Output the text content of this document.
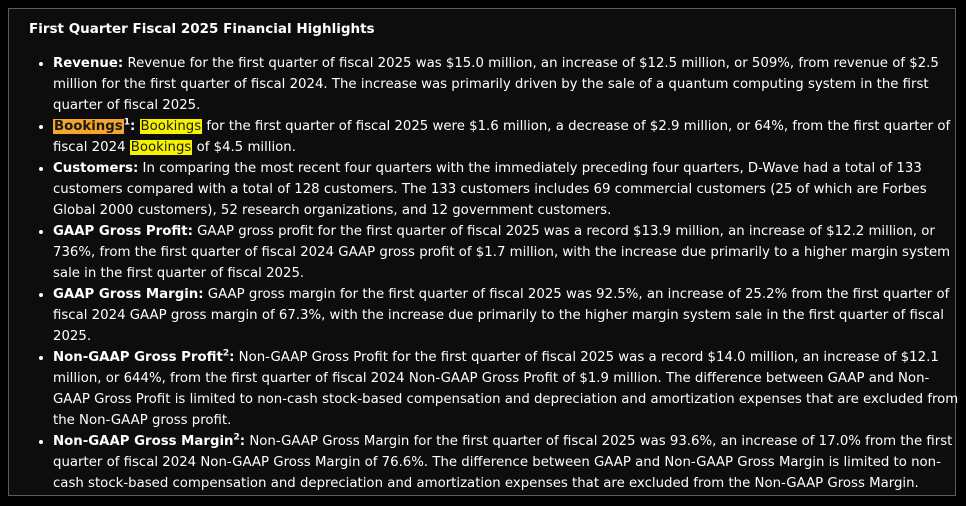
First Quarter Fiscal 2025 Financial Highlights
• Revenue: Revenue for the first quarter of fiscal 2025 was $15.0 million, an increase of $12.5 million, or 509%, from revenue of $2.5 million for the first quarter of fiscal 2024. The increase was primarily driven by the sale of a quantum computing system in the first quarter of fiscal 2025.
• Bookings$^1$: Bookings for the first quarter of fiscal 2025 were $1.6 million, a decrease of $2.9 million, or 64%, from the first quarter of fiscal 2024 Bookings of $4.5 million.
• Customers: In comparing the most recent four quarters with the immediately preceding four quarters, D-Wave had a total of 133 customers compared with a total of 128 customers. The 133 customers includes 69 commercial customers (25 of which are Forbes Global 2000 customers), 52 research organizations, and 12 government customers.
• GAAP Gross Profit: GAAP gross profit for the first quarter of fiscal 2025 was a record $13.9 million, an increase of $12.2 million, or 736%, from the first quarter of fiscal 2024 GAAP gross profit of $1.7 million, with the increase due primarily to a higher margin system sale in the first quarter of fiscal 2025.
• GAAP Gross Margin: GAAP gross margin for the first quarter of fiscal 2025 was 92.5%, an increase of 25.2% from the first quarter of fiscal 2024 GAAP gross margin of 67.3%, with the increase due primarily to the higher margin system sale in the first quarter of fiscal 2025.
• Non-GAAP Gross Profit$^2$: Non-GAAP Gross Profit for the first quarter of fiscal 2025 was a record $14.0 million, an increase of $12.1 million, or 644%, from the first quarter of fiscal 2024 Non-GAAP Gross Profit of $1.9 million. The difference between GAAP and Non-GAAP Gross Profit is limited to non-cash stock-based compensation and depreciation and amortization expenses that are excluded from the Non-GAAP gross profit.
• Non-GAAP Gross Margin$^2$: Non-GAAP Gross Margin for the first quarter of fiscal 2025 was 93.6%, an increase of 17.0% from the first quarter of fiscal 2024 Non-GAAP Gross Margin of 76.6%. The difference between GAAP and Non-GAAP Gross Margin is limited to non-cash stock-based compensation and depreciation and amortization expenses that are excluded from the Non-GAAP Gross Margin.
